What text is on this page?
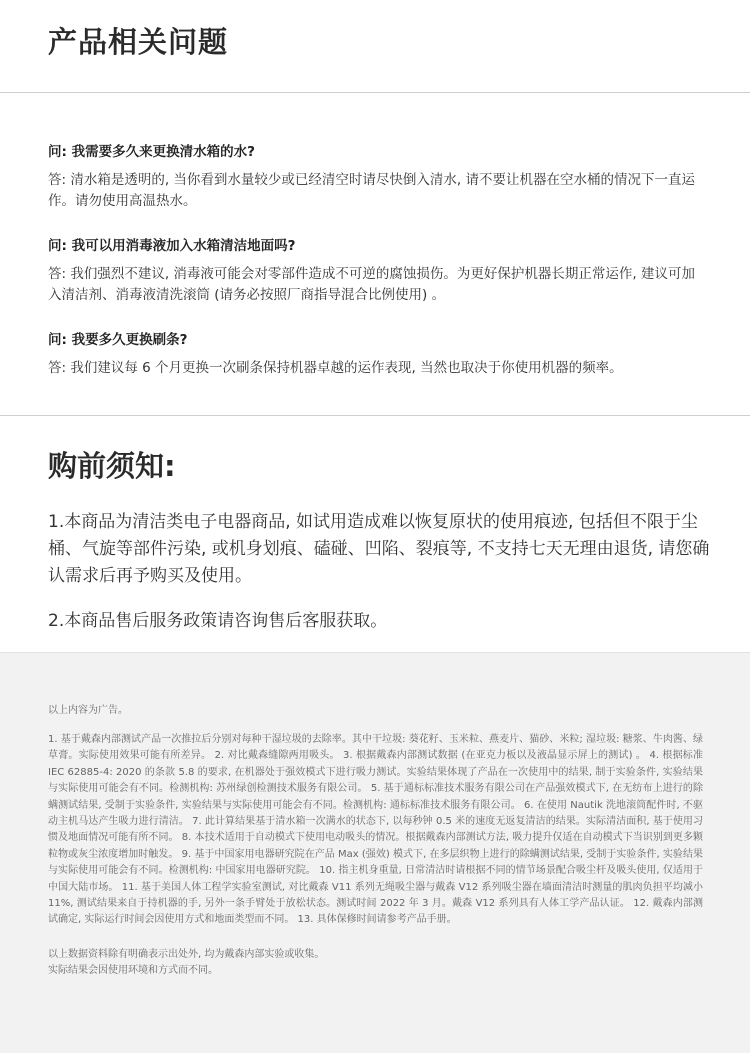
产品相关问题

问: 我需要多久来更换清水箱的水?

答: 清水箱是透明的, 当你看到水量较少或已经清空时请尽快倒入清水, 请不要让机器在空水桶的情况下一直运作。请勿使用高温热水。

问: 我可以用消毒液加入水箱清洁地面吗?

答: 我们强烈不建议, 消毒液可能会对零部件造成不可逆的腐蚀损伤。为更好保护机器长期正常运作, 建议可加入清洁剂、消毒液清洗滚筒 (请务必按照厂商指导混合比例使用) 。

问: 我要多久更换刷条?

答: 我们建议每 6 个月更换一次刷条保持机器卓越的运作表现, 当然也取决于你使用机器的频率。

购前须知:

1.本商品为清洁类电子电器商品, 如试用造成难以恢复原状的使用痕迹, 包括但不限于尘桶、气旋等部件污染, 或机身划痕、磕碰、凹陷、裂痕等, 不支持七天无理由退货, 请您确认需求后再予购买及使用。

2.本商品售后服务政策请咨询售后客服获取。

以上内容为广告。

1. 基于戴森内部测试产品一次推拉后分别对每种干湿垃圾的去除率。其中干垃圾: 葵花籽、玉米粒、燕麦片、猫砂、米粒; 湿垃圾: 糖浆、牛肉酱、绿草膏。实际使用效果可能有所差异。 2. 对比戴森缝隙两用吸头。 3. 根据戴森内部测试数据 (在亚克力板以及液晶显示屏上的测试) 。 4. 根据标准 IEC 62885-4: 2020 的条款 5.8 的要求, 在机器处于强效模式下进行吸力测试。实验结果体现了产品在一次使用中的结果, 制于实验条件, 实验结果与实际使用可能会有不同。检测机构: 苏州绿创检测技术服务有限公司。 5. 基于通标标准技术服务有限公司在产品强效模式下, 在无纺布上进行的除螨测试结果, 受制于实验条件, 实验结果与实际使用可能会有不同。检测机构: 通标标准技术服务有限公司。 6. 在使用 Nautik 洗地滚筒配件时, 不驱动主机马达产生吸力进行清洁。 7. 此计算结果基于清水箱一次满水的状态下, 以每秒钟 0.5 米的速度无返复清洁的结果。实际清洁面积, 基于使用习惯及地面情况可能有所不同。 8. 本技术适用于自动模式下使用电动吸头的情况。根据戴森内部测试方法, 吸力提升仅适在自动模式下当识别到更多颗粒物或灰尘浓度增加时触发。 9. 基于中国家用电器研究院在产品 Max (强效) 模式下, 在多层织物上进行的除螨测试结果, 受制于实验条件, 实验结果与实际使用可能会有不同。检测机构: 中国家用电器研究院。 10. 指主机身重量, 日常清洁时请根据不同的情节场景配合吸尘杆及吸头使用, 仅适用于中国大陆市场。 11. 基于美国人体工程学实验室测试, 对比戴森 V11 系列无绳吸尘器与戴森 V12 系列吸尘器在墙面清洁时测量的肌肉负担平均减小 11%, 测试结果来自于持机器的手, 另外一条手臂处于放松状态。测试时间 2022 年 3 月。戴森 V12 系列具有人体工学产品认证。 12. 戴森内部测试确定, 实际运行时间会因使用方式和地面类型而不同。 13. 具体保修时间请参考产品手册。

以上数据资料除有明确表示出处外, 均为戴森内部实验或收集。

实际结果会因使用环境和方式而不同。
